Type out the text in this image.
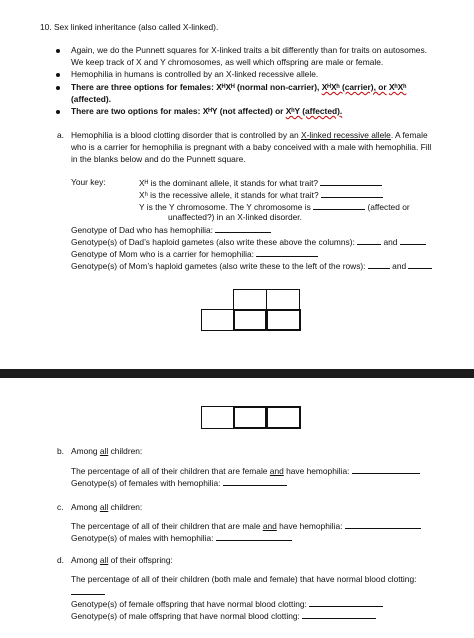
10. Sex linked inheritance (also called X-linked).
Again, we do the Punnett squares for X-linked traits a bit differently than for traits on autosomes.
We keep track of X and Y chromosomes, as well which offspring are male or female.
Hemophilia in humans is controlled by an X-linked recessive allele.
There are three options for females: XᴴXᴴ (normal non-carrier), XᴴXʰ (carrier), or XʰXʰ
(affected).
There are two options for males: XᴴY (not affected) or XʰY (affected).
a. Hemophilia is a blood clotting disorder that is controlled by an X-linked recessive allele. A female
who is a carrier for hemophilia is pregnant with a baby conceived with a male with hemophilia. Fill
in the blanks below and do the Punnett square.
Your key:	Xᴴ is the dominant allele, it stands for what trait?
Xʰ is the recessive allele, it stands for what trait?
Y is the Y chromosome. The Y chromosome is	(affected or
unaffected?) in an X-linked disorder.
Genotype of Dad who has hemophilia:
Genotype(s) of Dad’s haploid gametes (also write these above the columns):	and
Genotype of Mom who is a carrier for hemophilia:
Genotype(s) of Mom’s haploid gametes (also write these to the left of the rows):	and
b. Among all children:
The percentage of all of their children that are female and have hemophilia:
Genotype(s) of females with hemophilia:
c. Among all children:
The percentage of all of their children that are male and have hemophilia:
Genotype(s) of males with hemophilia:
d. Among all of their offspring:
The percentage of all of their children (both male and female) that have normal blood clotting:
Genotype(s) of female offspring that have normal blood clotting:
Genotype(s) of male offspring that have normal blood clotting:
